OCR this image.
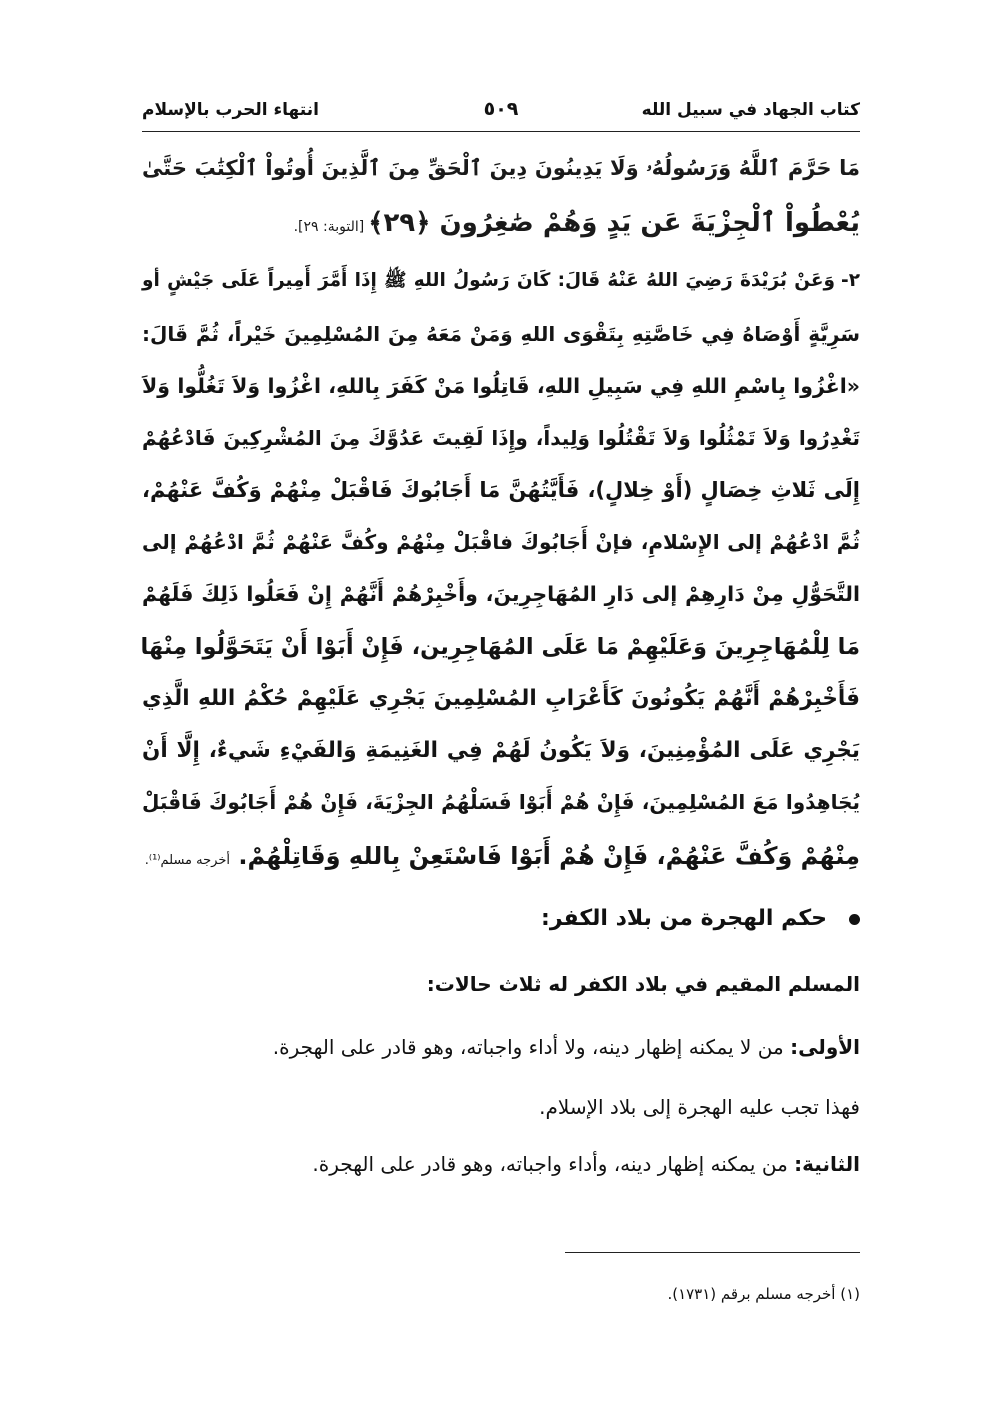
كتاب الجهاد في سبيل الله
٥٠٩
انتهاء الحرب بالإسلام
مَا حَرَّمَ ٱللَّهُ وَرَسُولُهُۥ وَلَا يَدِينُونَ دِينَ ٱلْحَقِّ مِنَ ٱلَّذِينَ أُوتُواْ ٱلْكِتَٰبَ حَتَّىٰ
يُعْطُواْ ٱلْجِزْيَةَ عَن يَدٍ وَهُمْ صَٰغِرُونَ ﴿٢٩﴾[التوبة: ٢٩].
٢-وَعَنْ بُرَيْدَةَ رَضِيَ اللهُ عَنْهُ قَالَ: كَانَ رَسُولُ اللهِ ﷺ إِذَا أَمَّرَ أَمِيراً عَلَى جَيْشٍ أو
سَرِيَّةٍ أَوْصَاهُ فِي خَاصَّتِهِ بِتَقْوَى اللهِ وَمَنْ مَعَهُ مِنَ المُسْلِمِينَ خَيْراً، ثُمَّ قَالَ:
«اغْزُوا بِاسْمِ اللهِ فِي سَبِيلِ اللهِ، قَاتِلُوا مَنْ كَفَرَ بِاللهِ، اغْزُوا وَلاَ تَغُلُّوا وَلاَ
تَغْدِرُوا وَلاَ تَمْثُلُوا وَلاَ تَقْتُلُوا وَلِيداً، وإِذَا لَقِيتَ عَدُوَّكَ مِنَ المُشْرِكِينَ فَادْعُهُمْ
إِلَى ثَلاثِ خِصَالٍ (أَوْ خِلالٍ)، فَأَيَّتُهُنَّ مَا أَجَابُوكَ فَاقْبَلْ مِنْهُمْ وَكُفَّ عَنْهُمْ،
ثُمَّ ادْعُهُمْ إلى الإِسْلامِ، فإنْ أَجَابُوكَ فاقْبَلْ مِنْهُمْ وكُفَّ عَنْهُمْ ثُمَّ ادْعُهُمْ إلى
التَّحَوُّلِ مِنْ دَارِهِمْ إلى دَارِ المُهَاجِرِينَ، وأَخْبِرْهُمْ أَنَّهُمْ إِنْ فَعَلُوا ذَلِكَ فَلَهُمْ
مَا لِلْمُهَاجِرِينَ وَعَلَيْهِمْ مَا عَلَى المُهَاجِرِين، فَإِنْ أَبَوْا أَنْ يَتَحَوَّلُوا مِنْهَا
فَأَخْبِرْهُمْ أَنَّهُمْ يَكُونُونَ كَأَعْرَابِ المُسْلِمِينَ يَجْرِي عَلَيْهِمْ حُكْمُ اللهِ الَّذِي
يَجْرِي عَلَى المُؤْمِنِينَ، وَلاَ يَكُونُ لَهُمْ فِي الغَنِيمَةِ وَالفَيْءِ شَيءٌ، إِلَّا أَنْ
يُجَاهِدُوا مَعَ المُسْلِمِينَ، فَإِنْ هُمْ أَبَوْا فَسَلْهُمُ الجِزْيَةَ، فَإِنْ هُمْ أَجَابُوكَ فَاقْبَلْ
مِنْهُمْ وَكُفَّ عَنْهُمْ، فَإِنْ هُمْ أَبَوْا فَاسْتَعِنْ بِاللهِ وَقَاتِلْهُمْ. أخرجه مسلم⁽¹⁾.
حكم الهجرة من بلاد الكفر:
المسلم المقيم في بلاد الكفر له ثلاث حالات:
الأولى: من لا يمكنه إظهار دينه، ولا أداء واجباته، وهو قادر على الهجرة.
فهذا تجب عليه الهجرة إلى بلاد الإسلام.
الثانية: من يمكنه إظهار دينه، وأداء واجباته، وهو قادر على الهجرة.
(١) أخرجه مسلم برقم (١٧٣١).
